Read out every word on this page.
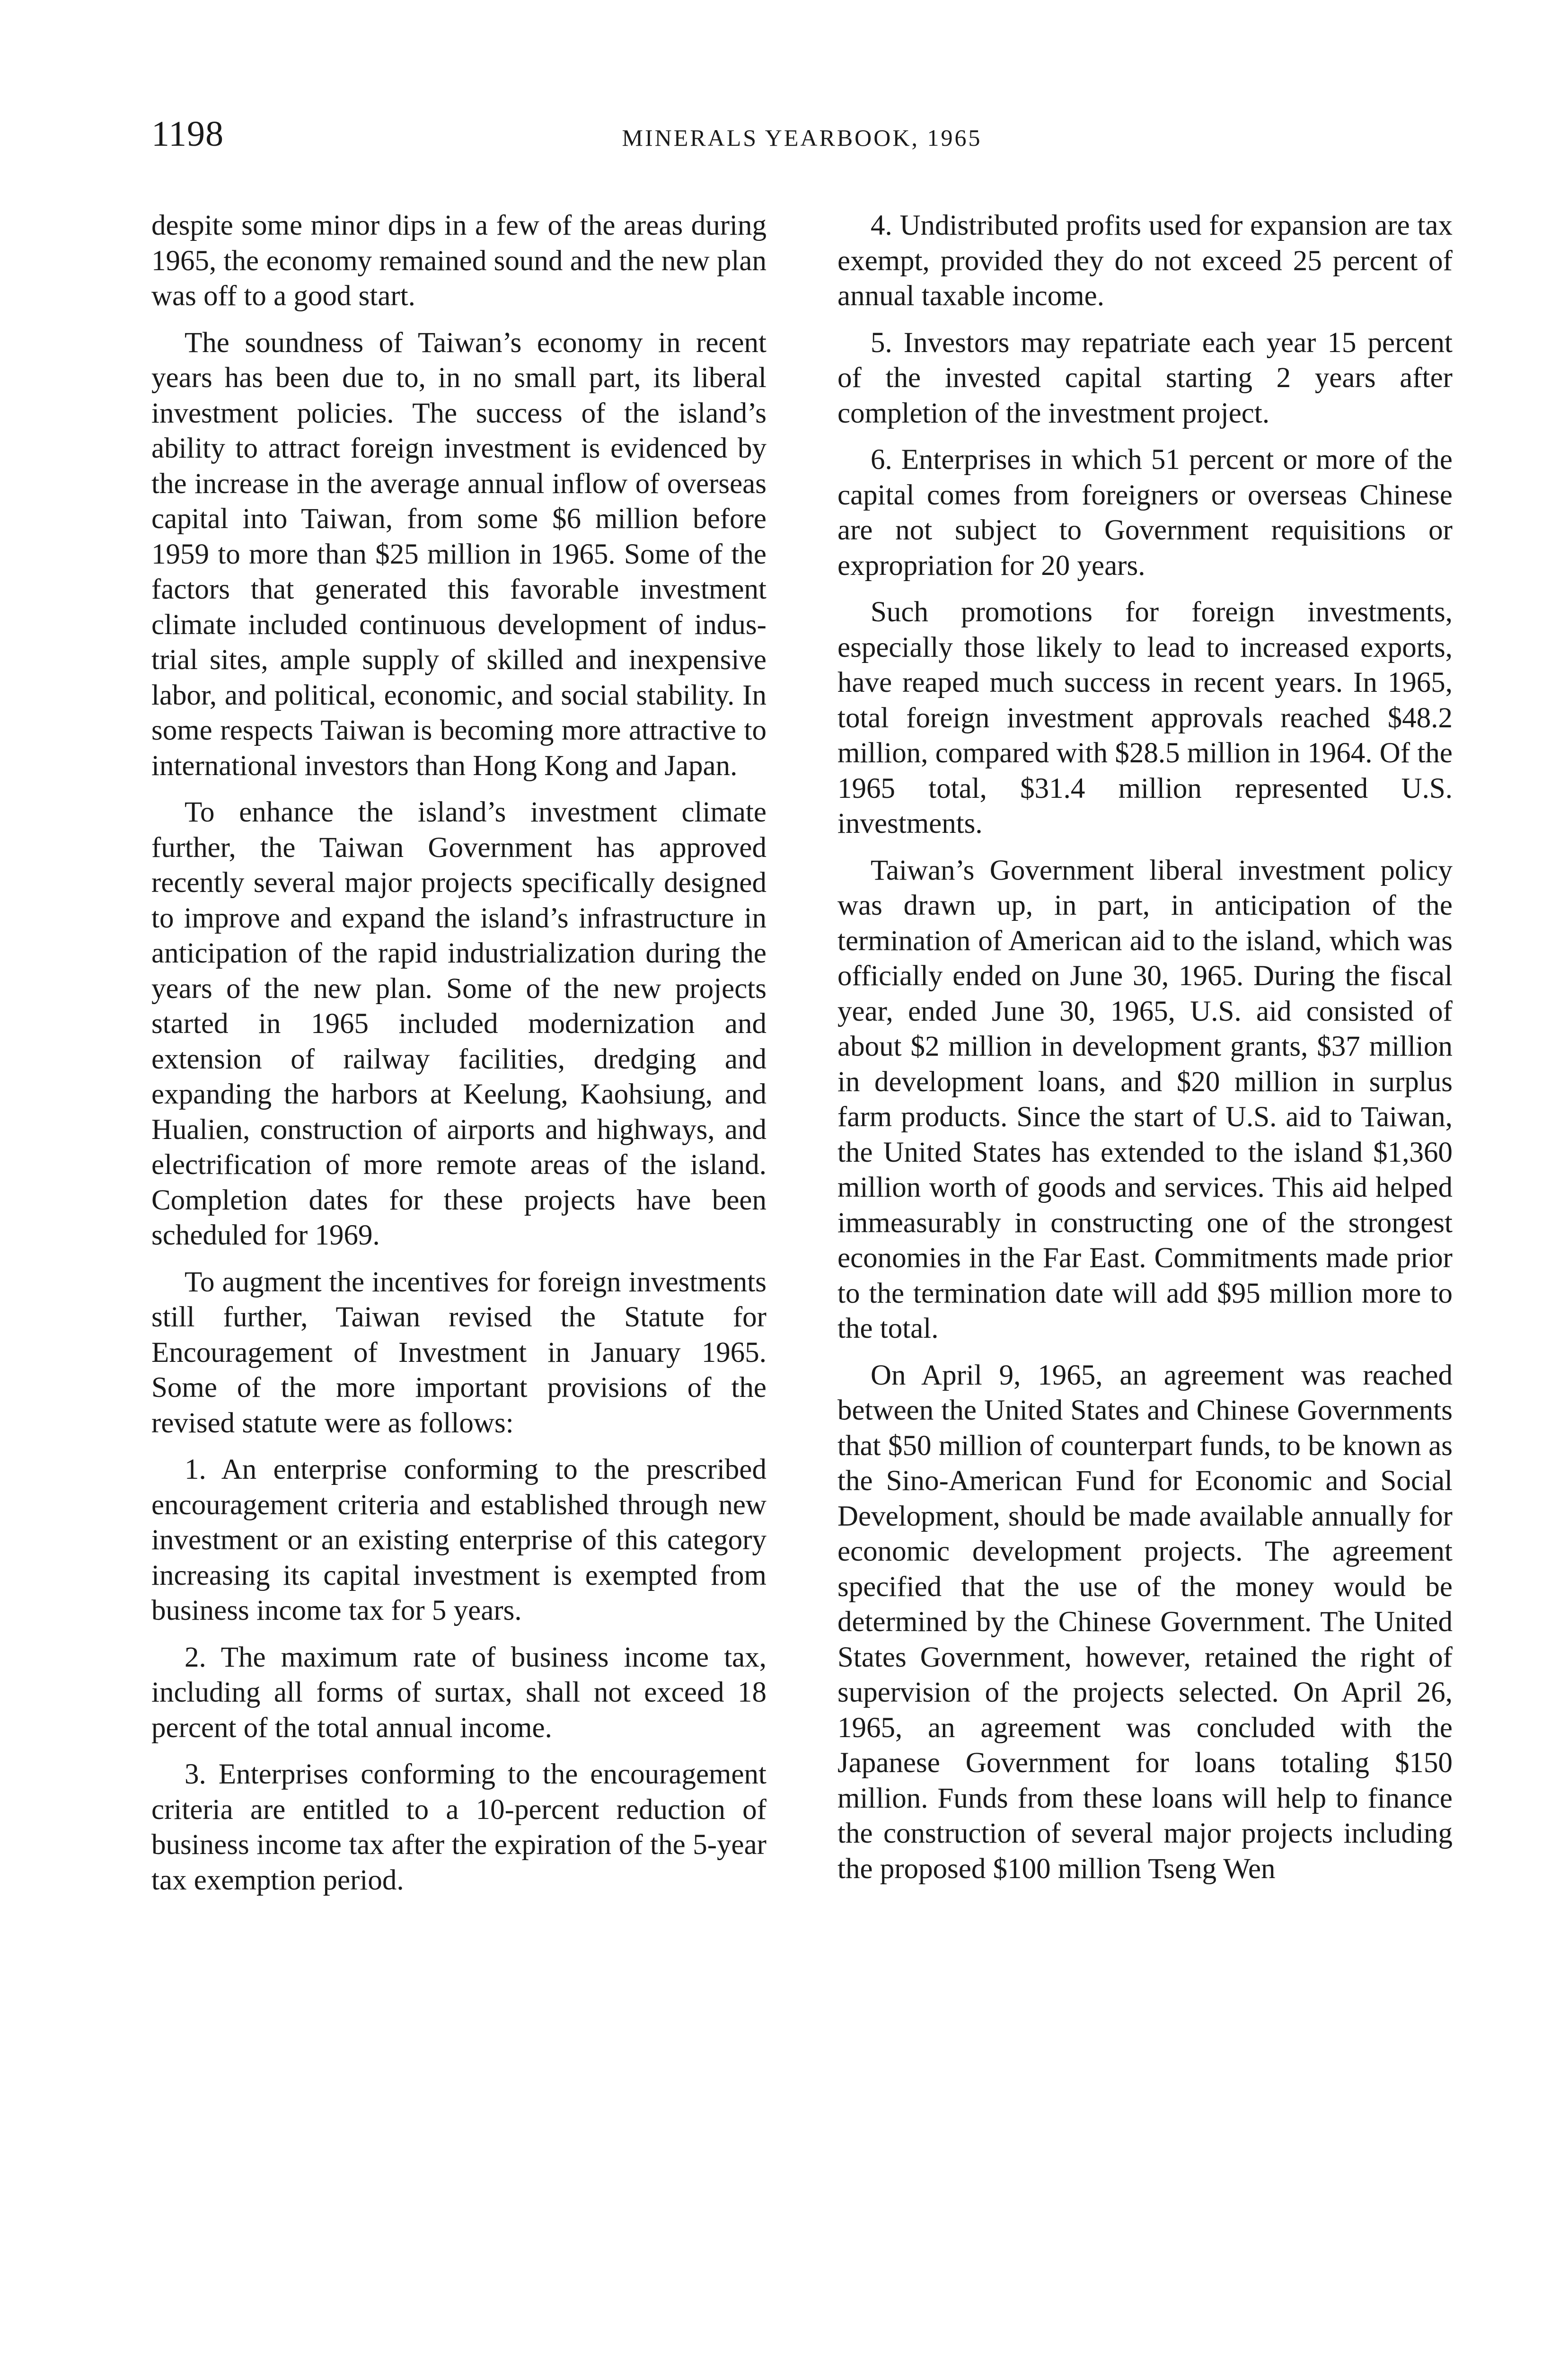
1198	MINERALS YEARBOOK, 1965

despite some minor dips in a few of the areas during 1965, the economy remained sound and the new plan was off to a good start.

The soundness of Taiwan’s economy in recent years has been due to, in no small part, its liberal investment policies. The success of the island’s ability to attract foreign investment is evidenced by the increase in the average annual inflow of overseas capital into Taiwan, from some $6 million before 1959 to more than $25 million in 1965. Some of the factors that generated this favorable investment climate included continuous development of industrial sites, ample supply of skilled and inexpensive labor, and political, economic, and social stability. In some respects Taiwan is becoming more attractive to international investors than Hong Kong and Japan.

To enhance the island’s investment climate further, the Taiwan Government has approved recently several major projects specifically designed to improve and expand the island’s infrastructure in anticipation of the rapid industrialization during the years of the new plan. Some of the new projects started in 1965 included modernization and extension of railway facilities, dredging and expanding the harbors at Keelung, Kaohsiung, and Hualien, construction of airports and highways, and electrification of more remote areas of the island. Completion dates for these projects have been scheduled for 1969.

To augment the incentives for foreign investments still further, Taiwan revised the Statute for Encouragement of Investment in January 1965. Some of the more important provisions of the revised statute were as follows:

1. An enterprise conforming to the prescribed encouragement criteria and established through new investment or an existing enterprise of this category increasing its capital investment is exempted from business income tax for 5 years.

2. The maximum rate of business income tax, including all forms of surtax, shall not exceed 18 percent of the total annual income.

3. Enterprises conforming to the encouragement criteria are entitled to a 10-percent reduction of business income tax after the expiration of the 5-year tax exemption period.

4. Undistributed profits used for expansion are tax exempt, provided they do not exceed 25 percent of annual taxable income.

5. Investors may repatriate each year 15 percent of the invested capital starting 2 years after completion of the investment project.

6. Enterprises in which 51 percent or more of the capital comes from foreigners or overseas Chinese are not subject to Government requisitions or expropriation for 20 years.

Such promotions for foreign investments, especially those likely to lead to increased exports, have reaped much success in recent years. In 1965, total foreign investment approvals reached $48.2 million, compared with $28.5 million in 1964. Of the 1965 total, $31.4 million represented U.S. investments.

Taiwan’s Government liberal investment policy was drawn up, in part, in anticipation of the termination of American aid to the island, which was officially ended on June 30, 1965. During the fiscal year, ended June 30, 1965, U.S. aid consisted of about $2 million in development grants, $37 million in development loans, and $20 million in surplus farm products. Since the start of U.S. aid to Taiwan, the United States has extended to the island $1,360 million worth of goods and services. This aid helped immeasurably in constructing one of the strongest economies in the Far East. Commitments made prior to the termination date will add $95 million more to the total.

On April 9, 1965, an agreement was reached between the United States and Chinese Governments that $50 million of counterpart funds, to be known as the Sino-American Fund for Economic and Social Development, should be made available annually for economic development projects. The agreement specified that the use of the money would be determined by the Chinese Government. The United States Government, however, retained the right of supervision of the projects selected. On April 26, 1965, an agreement was concluded with the Japanese Government for loans totaling $150 million. Funds from these loans will help to finance the construction of several major projects including the proposed $100 million Tseng Wen
